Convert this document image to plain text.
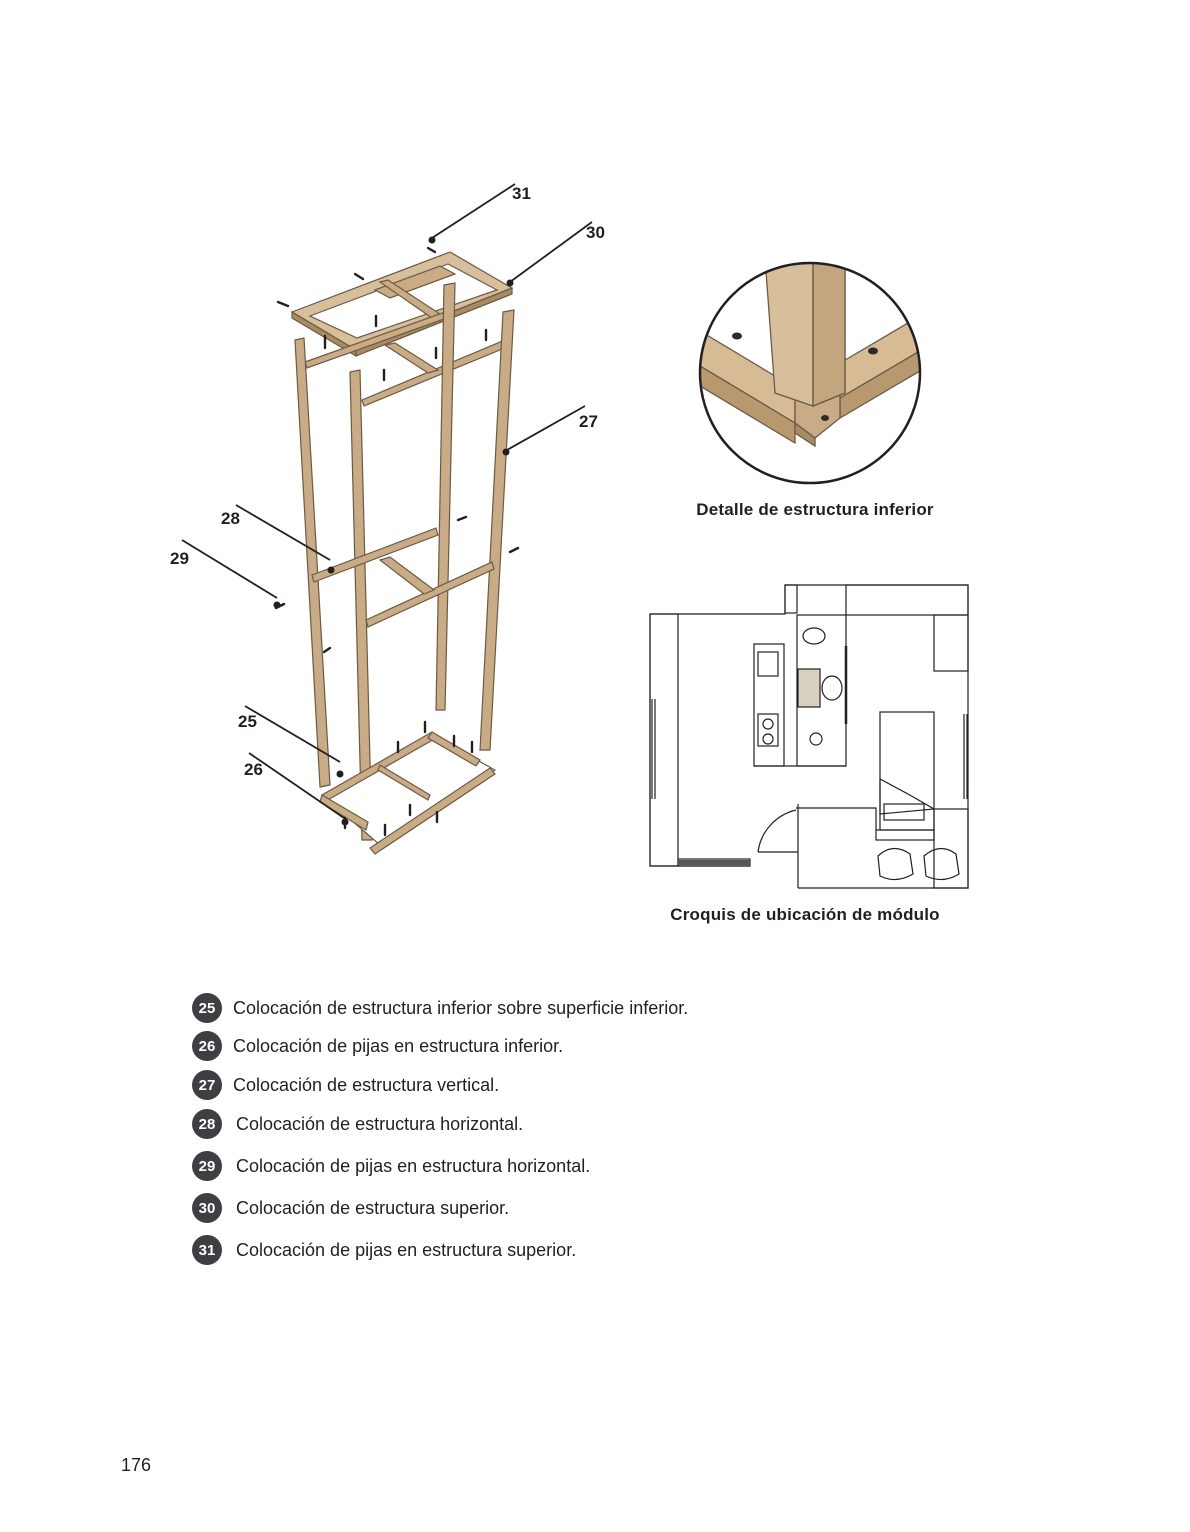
31
30
27
28
29
25
26
Detalle de estructura inferior
Croquis de ubicación de módulo
25 Colocación de estructura inferior sobre superficie inferior.
26 Colocación de pijas en estructura inferior.
27 Colocación de estructura vertical.
28	Colocación de estructura horizontal.
29	Colocación de pijas en estructura horizontal.
30	Colocación de estructura superior.
31	Colocación de pijas en estructura superior.
176
